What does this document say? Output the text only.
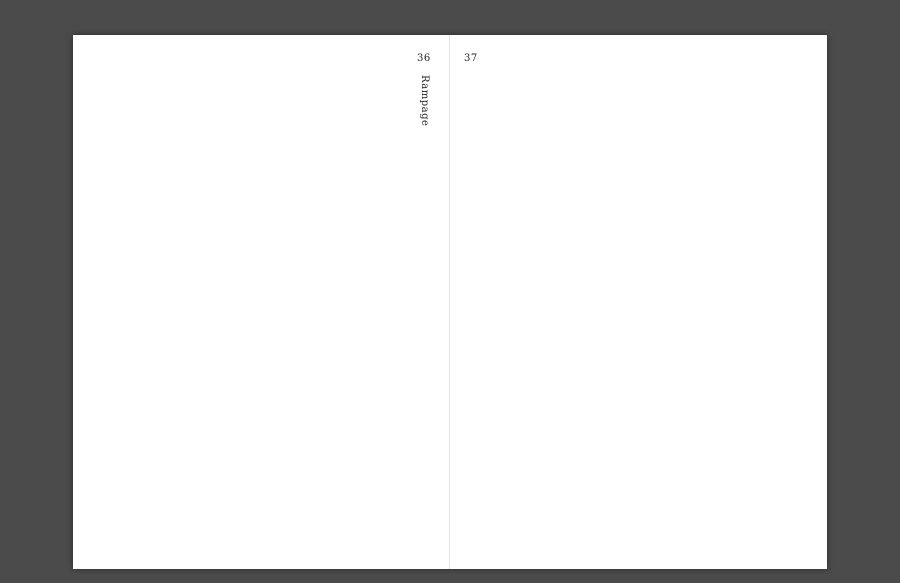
36
Rampage
37
